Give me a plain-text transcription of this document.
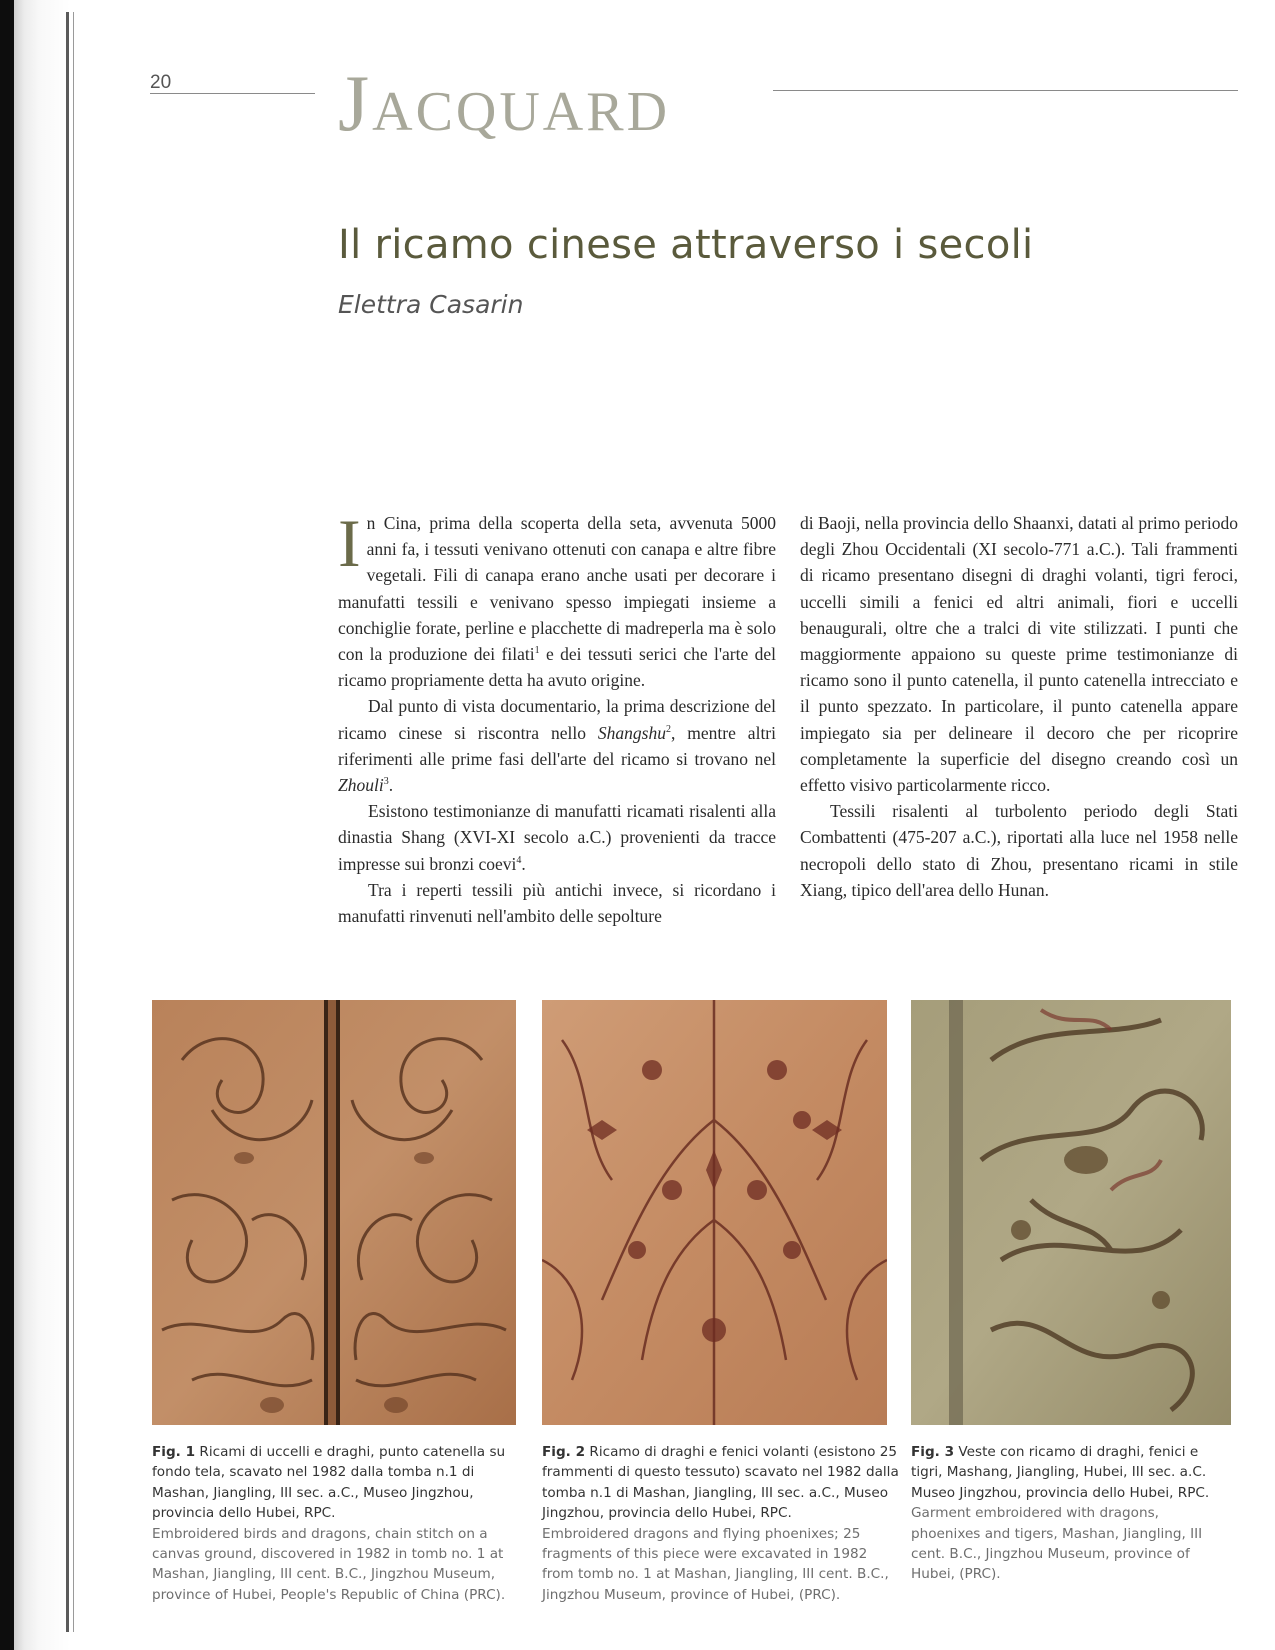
20 Jacquard
Il ricamo cinese attraverso i secoli
Elettra Casarin

In Cina, prima della scoperta della seta, avvenuta 5000 anni fa, i tessuti venivano ottenuti con canapa e altre fibre vegetali. Fili di canapa erano anche usati per decorare i manufatti tessili e venivano spesso impiegati insieme a conchiglie forate, perline e placchette di madreperla ma è solo con la produzione dei filati$^1$ e dei tessuti serici che l'arte del ricamo propriamente detta ha avuto origine.

Dal punto di vista documentario, la prima descrizione del ricamo cinese si riscontra nello Shangshu$^2$, mentre altri riferimenti alle prime fasi dell'arte del ricamo si trovano nel Zhouli$^3$.

Esistono testimonianze di manufatti ricamati risalenti alla dinastia Shang (XVI-XI secolo a.C.) provenienti da tracce impresse sui bronzi coevi$^4$.

Tra i reperti tessili più antichi invece, si ricordano i manufatti rinvenuti nell'ambito delle sepolture

di Baoji, nella provincia dello Shaanxi, datati al primo periodo degli Zhou Occidentali (XI secolo-771 a.C.). Tali frammenti di ricamo presentano disegni di draghi volanti, tigri feroci, uccelli simili a fenici ed altri animali, fiori e uccelli benaugurali, oltre che a tralci di vite stilizzati. I punti che maggiormente appaiono su queste prime testimonianze di ricamo sono il punto catenella, il punto catenella intrecciato e il punto spezzato. In particolare, il punto catenella appare impiegato sia per delineare il decoro che per ricoprire completamente la superficie del disegno creando così un effetto visivo particolarmente ricco.

Tessili risalenti al turbolento periodo degli Stati Combattenti (475-207 a.C.), riportati alla luce nel 1958 nelle necropoli dello stato di Zhou, presentano ricami in stile Xiang, tipico dell'area dello Hunan.

Fig. 1 Ricami di uccelli e draghi, punto catenella su fondo tela, scavato nel 1982 dalla tomba n.1 di Mashan, Jiangling, III sec. a.C., Museo Jingzhou, provincia dello Hubei, RPC.
Embroidered birds and dragons, chain stitch on a canvas ground, discovered in 1982 in tomb no. 1 at Mashan, Jiangling, III cent. B.C., Jingzhou Museum, province of Hubei, People's Republic of China (PRC).
Fig. 2 Ricamo di draghi e fenici volanti (esistono 25 frammenti di questo tessuto) scavato nel 1982 dalla tomba n.1 di Mashan, Jiangling, III sec. a.C., Museo Jingzhou, provincia dello Hubei, RPC.
Embroidered dragons and flying phoenixes; 25 fragments of this piece were excavated in 1982 from tomb no. 1 at Mashan, Jiangling, III cent. B.C., Jingzhou Museum, province of Hubei, (PRC).
Fig. 3 Veste con ricamo di draghi, fenici e tigri, Mashang, Jiangling, Hubei, III sec. a.C. Museo Jingzhou, provincia dello Hubei, RPC.
Garment embroidered with dragons, phoenixes and tigers, Mashan, Jiangling, III cent. B.C., Jingzhou Museum, province of Hubei, (PRC).
